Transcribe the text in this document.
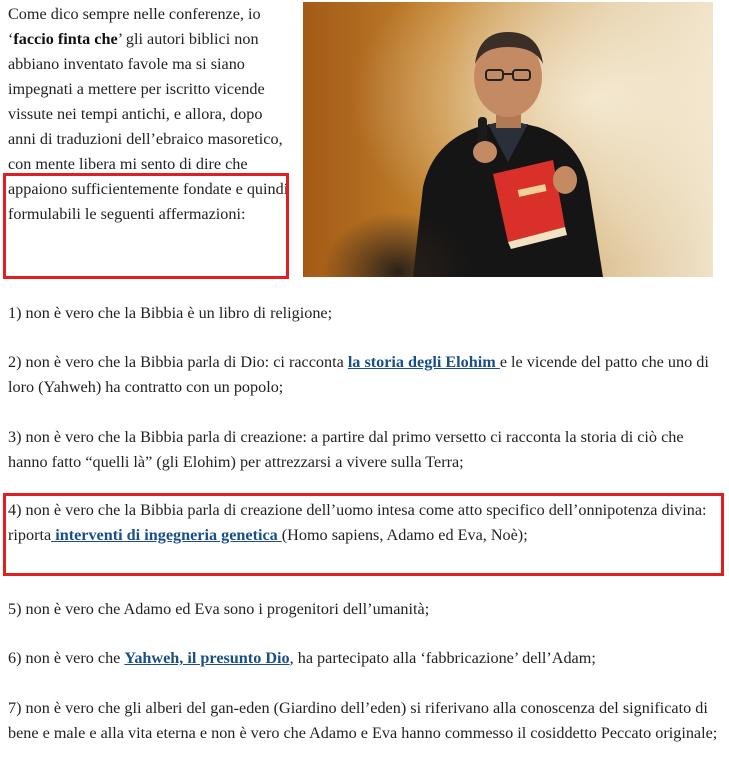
Come dico sempre nelle conferenze, io ‘faccio finta che’ gli autori biblici non abbiano inventato favole ma si siano impegnati a mettere per iscritto vicende vissute nei tempi antichi, e allora, dopo anni di traduzioni dell’ebraico masoretico, con mente libera mi sento di dire che appaiono sufficientemente fondate e quindi formulabili le seguenti affermazioni:

1) non è vero che la Bibbia è un libro di religione;

2) non è vero che la Bibbia parla di Dio: ci racconta la storia degli Elohim e le vicende del patto che uno di loro (Yahweh) ha contratto con un popolo;

3) non è vero che la Bibbia parla di creazione: a partire dal primo versetto ci racconta la storia di ciò che hanno fatto “quelli là” (gli Elohim) per attrezzarsi a vivere sulla Terra;

4) non è vero che la Bibbia parla di creazione dell’uomo intesa come atto specifico dell’onnipotenza divina: riporta interventi di ingegneria genetica (Homo sapiens, Adamo ed Eva, Noè);

5) non è vero che Adamo ed Eva sono i progenitori dell’umanità;

6) non è vero che Yahweh, il presunto Dio, ha partecipato alla ‘fabbricazione’ dell’Adam;

7) non è vero che gli alberi del gan-eden (Giardino dell’eden) si riferivano alla conoscenza del significato di bene e male e alla vita eterna e non è vero che Adamo e Eva hanno commesso il cosiddetto Peccato originale;
